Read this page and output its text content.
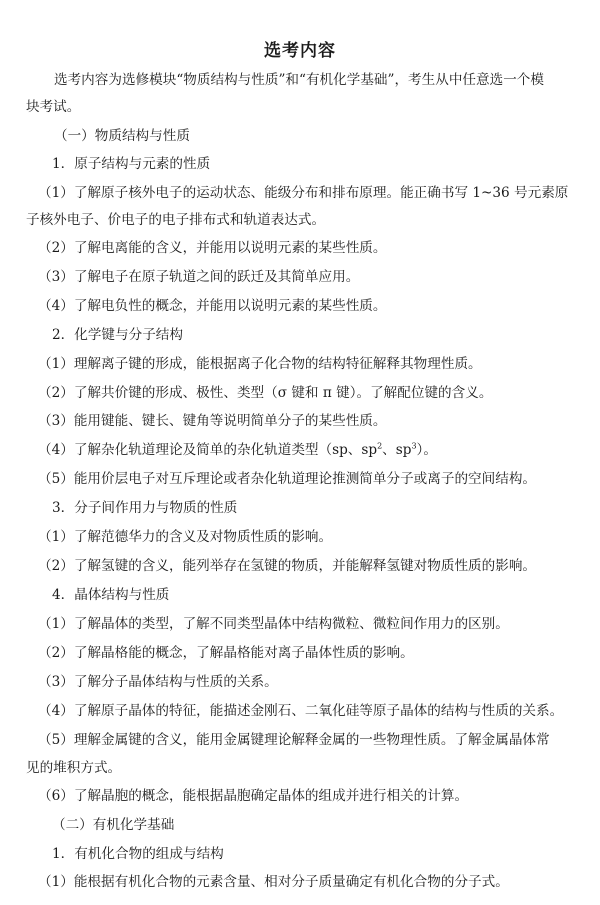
选考内容
选考内容为选修模块“物质结构与性质”和“有机化学基础”，考生从中任意选一个模
块考试。
（一）物质结构与性质
1．原子结构与元素的性质
（1）了解原子核外电子的运动状态、能级分布和排布原理。能正确书写 1~36 号元素原
子核外电子、价电子的电子排布式和轨道表达式。
（2）了解电离能的含义，并能用以说明元素的某些性质。
（3）了解电子在原子轨道之间的跃迁及其简单应用。
（4）了解电负性的概念，并能用以说明元素的某些性质。
2．化学键与分子结构
（1）理解离子键的形成，能根据离子化合物的结构特征解释其物理性质。
（2）了解共价键的形成、极性、类型（σ 键和 π 键）。了解配位键的含义。
（3）能用键能、键长、键角等说明简单分子的某些性质。
（4）了解杂化轨道理论及简单的杂化轨道类型（sp、$sp^2$、$sp^3$）。
（5）能用价层电子对互斥理论或者杂化轨道理论推测简单分子或离子的空间结构。
3．分子间作用力与物质的性质
（1）了解范德华力的含义及对物质性质的影响。
（2）了解氢键的含义，能列举存在氢键的物质，并能解释氢键对物质性质的影响。
4．晶体结构与性质
（1）了解晶体的类型，了解不同类型晶体中结构微粒、微粒间作用力的区别。
（2）了解晶格能的概念，了解晶格能对离子晶体性质的影响。
（3）了解分子晶体结构与性质的关系。
（4）了解原子晶体的特征，能描述金刚石、二氧化硅等原子晶体的结构与性质的关系。
（5）理解金属键的含义，能用金属键理论解释金属的一些物理性质。了解金属晶体常
见的堆积方式。
（6）了解晶胞的概念，能根据晶胞确定晶体的组成并进行相关的计算。
（二）有机化学基础
1．有机化合物的组成与结构
（1）能根据有机化合物的元素含量、相对分子质量确定有机化合物的分子式。
